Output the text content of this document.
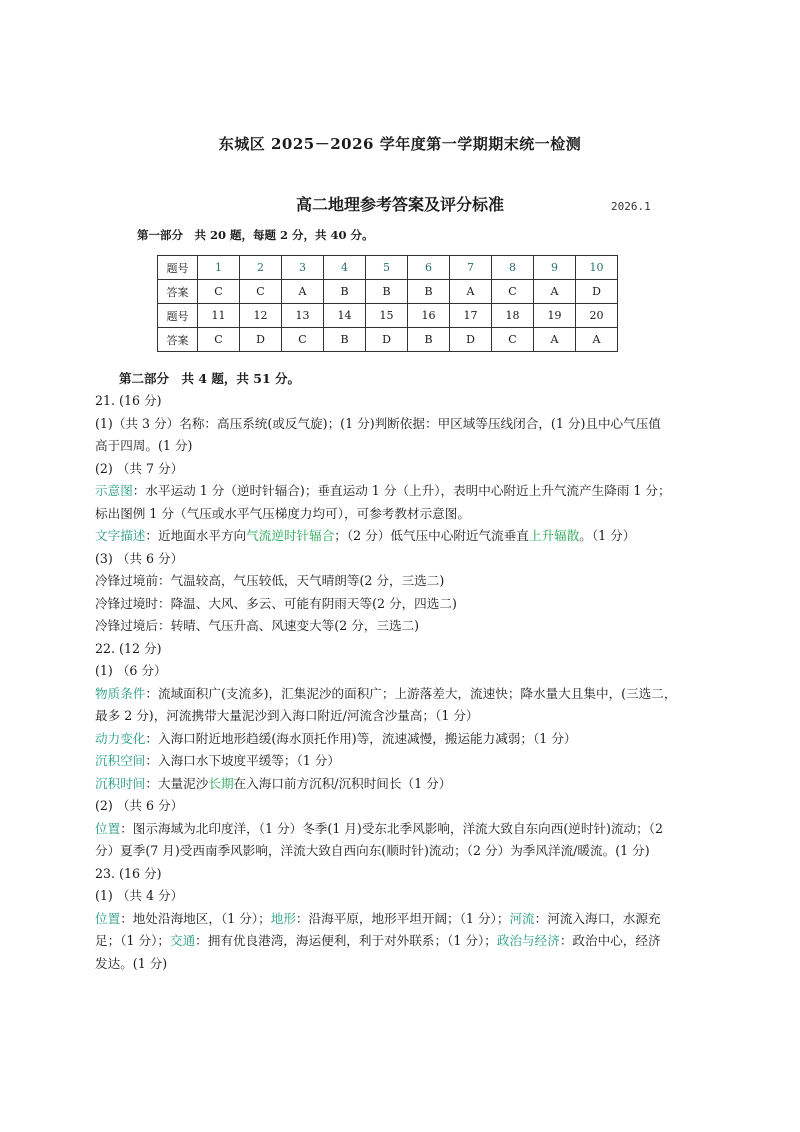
东城区 2025－2026 学年度第一学期期末统一检测
高二地理参考答案及评分标准	2026.1
第一部分　共 20 题，每题 2 分，共 40 分。
题号	1	2	3	4	5	6	7	8	9	10
答案	C	C	A	B	B	B	A	C	A	D
题号	11	12	13	14	15	16	17	18	19	20
答案	C	D	C	B	D	B	D	C	A	A
第二部分　共 4 题，共 51 分。
21. (16 分)
(1)（共 3 分）名称：高压系统(或反气旋)；(1 分)判断依据：甲区域等压线闭合，(1 分)且中心气压值
高于四周。(1 分)
(2) （共 7 分）
示意图：水平运动 1 分（逆时针辐合)；垂直运动 1 分（上升），表明中心附近上升气流产生降雨 1 分；
标出图例 1 分（气压或水平气压梯度力均可），可参考教材示意图。
文字描述：近地面水平方向气流逆时针辐合；（2 分）低气压中心附近气流垂直上升辐散。（1 分）
(3) （共 6 分）
冷锋过境前：气温较高，气压较低，天气晴朗等(2 分，三选二)
冷锋过境时：降温、大风、多云、可能有阴雨天等(2 分，四选二)
冷锋过境后：转晴、气压升高、风速变大等(2 分，三选二)
22. (12 分)
(1) （6 分）
物质条件：流域面积广(支流多)，汇集泥沙的面积广；上游落差大，流速快；降水量大且集中，(三选二，
最多 2 分)，河流携带大量泥沙到入海口附近/河流含沙量高；（1 分）
动力变化：入海口附近地形趋缓(海水顶托作用)等，流速减慢，搬运能力减弱；（1 分）
沉积空间：入海口水下坡度平缓等；（1 分）
沉积时间：大量泥沙长期在入海口前方沉积/沉积时间长（1 分）
(2) （共 6 分）
位置：图示海域为北印度洋，（1 分）冬季(1 月)受东北季风影响，洋流大致自东向西(逆时针)流动；（2
分）夏季(7 月)受西南季风影响，洋流大致自西向东(顺时针)流动；（2 分）为季风洋流/暖流。(1 分)
23. (16 分)
(1) （共 4 分）
位置：地处沿海地区，（1 分）；地形：沿海平原，地形平坦开阔；（1 分）；河流：河流入海口，水源充
足；（1 分）；交通：拥有优良港湾，海运便利，利于对外联系；（1 分）；政治与经济：政治中心，经济
发达。(1 分)
